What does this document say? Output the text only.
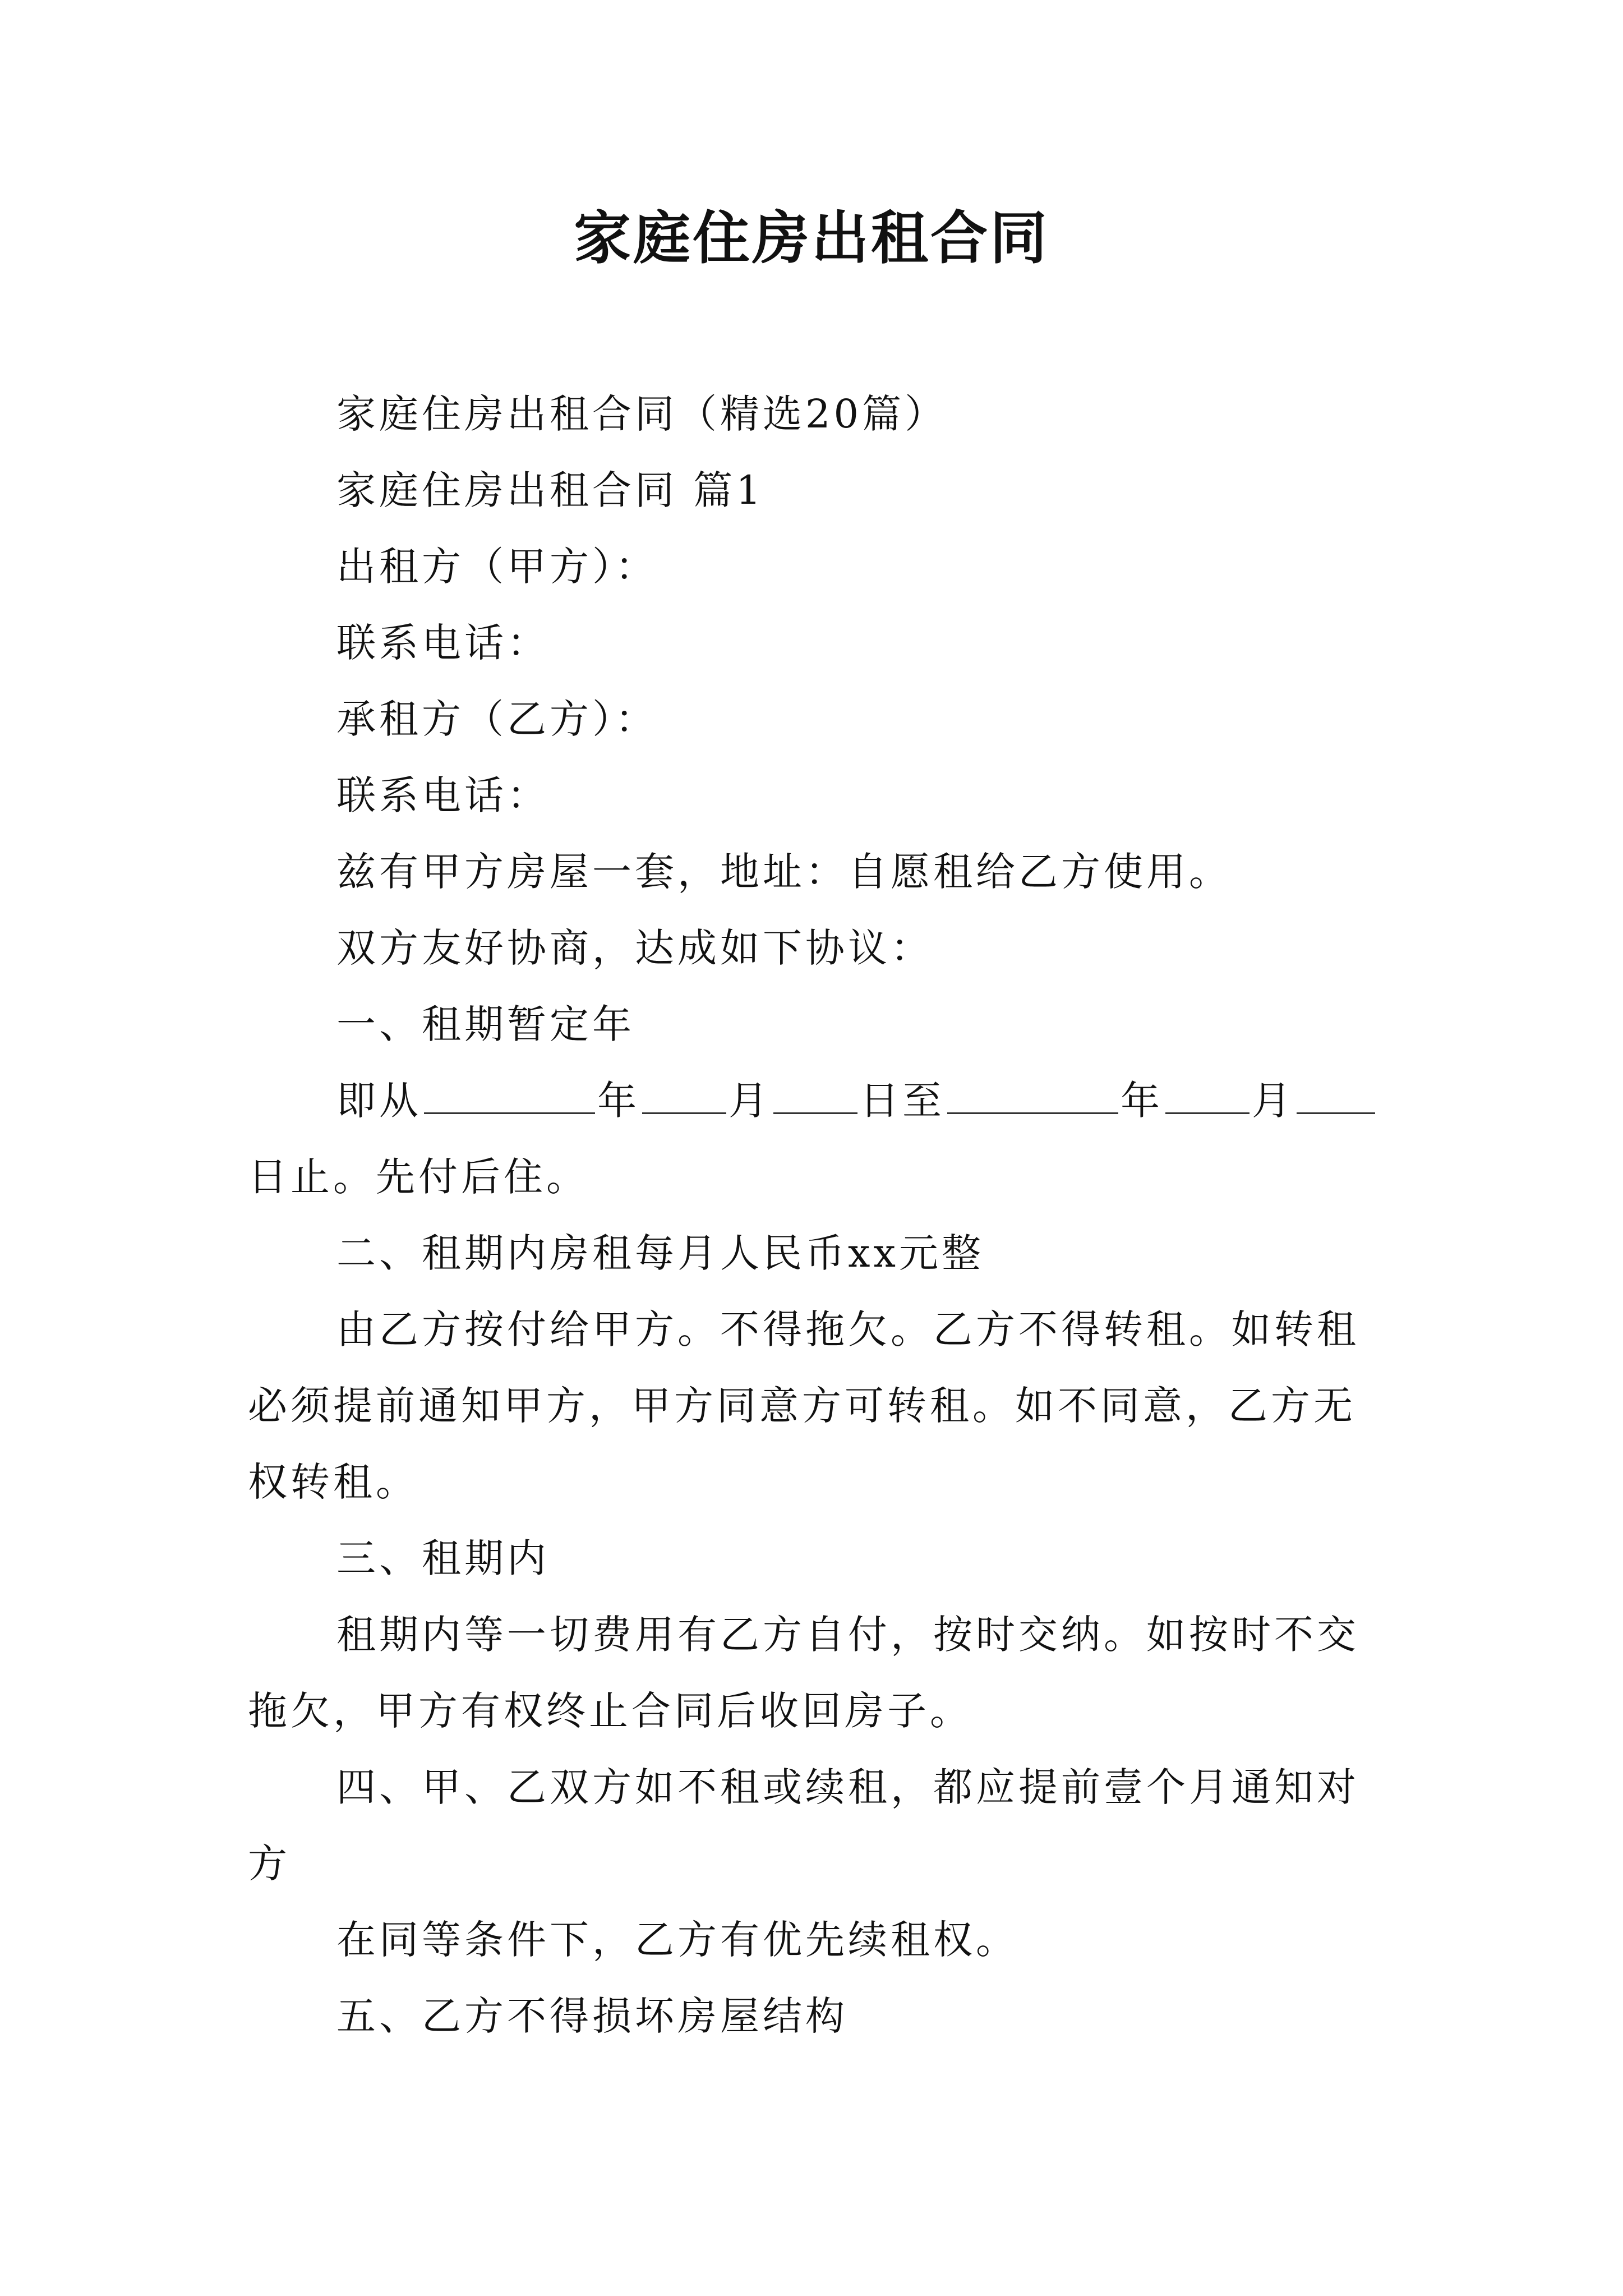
家庭住房出租合同

家庭住房出租合同（精选20篇）

家庭住房出租合同 篇1

出租方（甲方）：

联系电话：

承租方（乙方）：

联系电话：

兹有甲方房屋一套，地址：自愿租给乙方使用。

双方友好协商，达成如下协议：

一、租期暂定年

即从	年 月 日至	年 月日止。先付后住。

二、租期内房租每月人民币xx元整

由乙方按付给甲方。不得拖欠。乙方不得转租。如转租必须提前通知甲方，甲方同意方可转租。如不同意，乙方无权转租。

三、租期内

租期内等一切费用有乙方自付，按时交纳。如按时不交拖欠，甲方有权终止合同后收回房子。

四、甲、乙双方如不租或续租，都应提前壹个月通知对方

在同等条件下，乙方有优先续租权。

五、乙方不得损坏房屋结构
